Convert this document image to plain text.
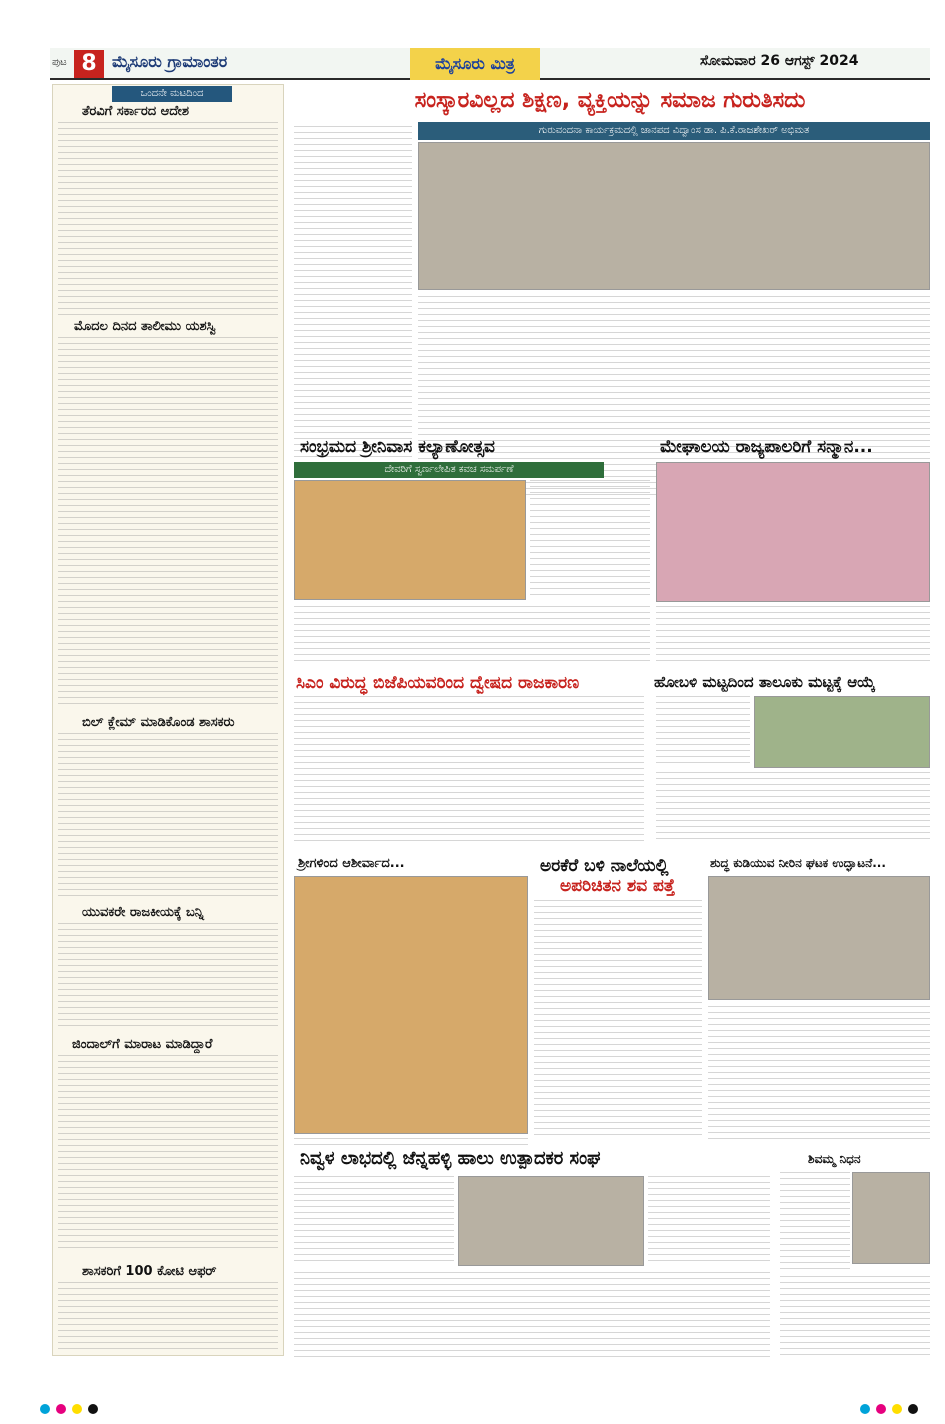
ಪುಟ 8 ಮೈಸೂರು ಗ್ರಾಮಾಂತರ	ಮೈಸೂರು ಮಿತ್ರ	ಸೋಮವಾರ 26 ಆಗಸ್ಟ್ 2024
ಒಂದನೇ ಮಟದಿಂದ
ತೆರವಿಗೆ ಸರ್ಕಾರದ ಆದೇಶ
ಮೊದಲ ದಿನದ ತಾಲೀಮು ಯಶಸ್ವಿ
ಬಿಲ್ ಕ್ಲೇಮ್ ಮಾಡಿಕೊಂಡ ಶಾಸಕರು
ಯುವಕರೇ ರಾಜಕೀಯಕ್ಕೆ ಬನ್ನಿ
ಜಿಂದಾಲ್‌ಗೆ ಮಾರಾಟ ಮಾಡಿದ್ದಾರೆ
ಶಾಸಕರಿಗೆ 100 ಕೋಟಿ ಆಫರ್
ಸಂಸ್ಕಾರವಿಲ್ಲದ ಶಿಕ್ಷಣ, ವ್ಯಕ್ತಿಯನ್ನು ಸಮಾಜ ಗುರುತಿಸದು
ಗುರುವಂದನಾ ಕಾರ್ಯಕ್ರಮದಲ್ಲಿ ಜಾನಪದ ವಿದ್ವಾಂಸ ಡಾ. ಪಿ.ಕೆ.ರಾಜಶೇಖರ್ ಅಭಿಮತ
ಸಂಭ್ರಮದ ಶ್ರೀನಿವಾಸ ಕಲ್ಯಾಣೋತ್ಸವ
ದೇವರಿಗೆ ಸ್ವರ್ಣಲೇಪಿತ ಕವಚ ಸಮರ್ಪಣೆ
ಮೇಘಾಲಯ ರಾಜ್ಯಪಾಲರಿಗೆ ಸನ್ಮಾನ...
ಸಿಎಂ ವಿರುದ್ಧ ಬಿಜೆಪಿಯವರಿಂದ ದ್ವೇಷದ ರಾಜಕಾರಣ	ಹೋಬಳಿ ಮಟ್ಟದಿಂದ ತಾಲೂಕು ಮಟ್ಟಕ್ಕೆ ಆಯ್ಕೆ
ಶ್ರೀಗಳಿಂದ ಆಶೀರ್ವಾದ...	ಅರಕೆರೆ ಬಳಿ ನಾಲೆಯಲ್ಲಿ
ಅಪರಿಚಿತನ ಶವ ಪತ್ತೆ
ಶುದ್ಧ ಕುಡಿಯುವ ನೀರಿನ ಘಟಕ ಉದ್ಘಾಟನೆ...
ನಿವ್ವಳ ಲಾಭದಲ್ಲಿ ಜೆನ್ನಹಳ್ಳಿ ಹಾಲು ಉತ್ಪಾದಕರ ಸಂಘ	ಶಿವಮ್ಮ ನಿಧನ
